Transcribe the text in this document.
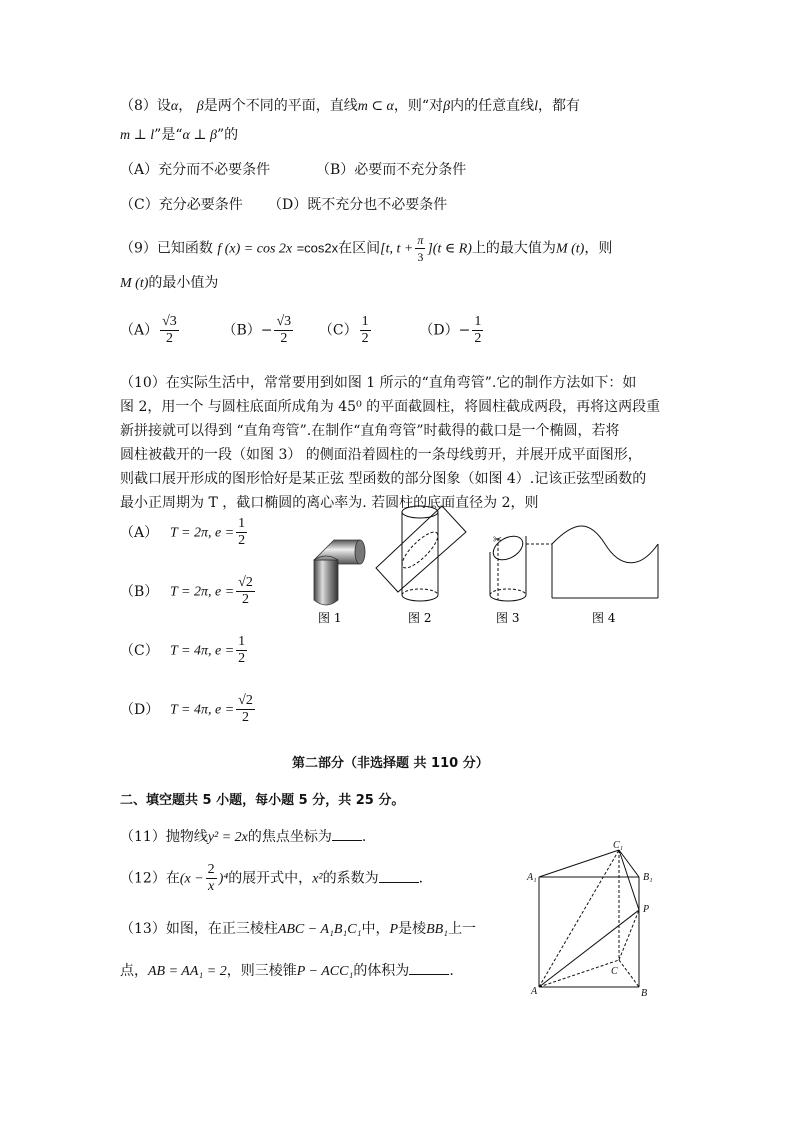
（8）设α， β是两个不同的平面，直线m ⊂ α，则“对β内的任意直线l，都有
m ⊥ l”是“α ⊥ β”的
（A）充分而不必要条件	（B）必要而不充分条件
（C）充分必要条件 （D）既不充分也不必要条件
（9）已知函数 f (x) = cos 2x =cos2x在区间[t, $t + \frac{\pi}{3} ](t$ ∈ R)上的最大值为M (t)，则
M (t)的最小值为
$(A) \frac{√3}{2}$	$(B)- \frac{√3}{2} (C) \frac{1}{2}$	$(D)- \frac{1}{2}$
（10）在实际生活中，常常要用到如图 1 所示的“直角弯管”.它的制作方法如下：如
图 2，用一个 与圆柱底面所成角为 45⁰ 的平面截圆柱，将圆柱截成两段，再将这两段重
新拼接就可以得到 “直角弯管”.在制作“直角弯管”时截得的截口是一个椭圆，若将
圆柱被截开的一段（如图 3） 的侧面沿着圆柱的一条母线剪开，并展开成平面图形，
则截口展开形成的图形恰好是某正弦 型函数的部分图象（如图 4）.记该正弦型函数的
最小正周期为 T ，截口椭圆的离心率为. 若圆柱的底面直径为 2，则
（A） T = 2π, $e = \frac{1}{2}$
（B） T = 2π, $e = \frac{√2}{2}$
（C） T = 4π, $e = \frac{1}{2}$
（D） T = 4π, $e = \frac{√2}{2}$
✂
图 1	图 2	图 3	图 4
第二部分（非选择题 共 110 分）
二、填空题共 5 小题，每小题 5 分，共 25 分。
（11）抛物线y² = 2x的焦点坐标为 .
（12）在$(x - \frac{2}{x} )^4$的展开式中，x²的系数为	.
（13）如图，在正三棱柱ABC − A₁B₁C₁中，P是棱BB₁上一
点，AB = AA₁ = 2，则三棱锥P − ACC₁的体积为	.
A₁
C₁
B₁
P
C
A	B
